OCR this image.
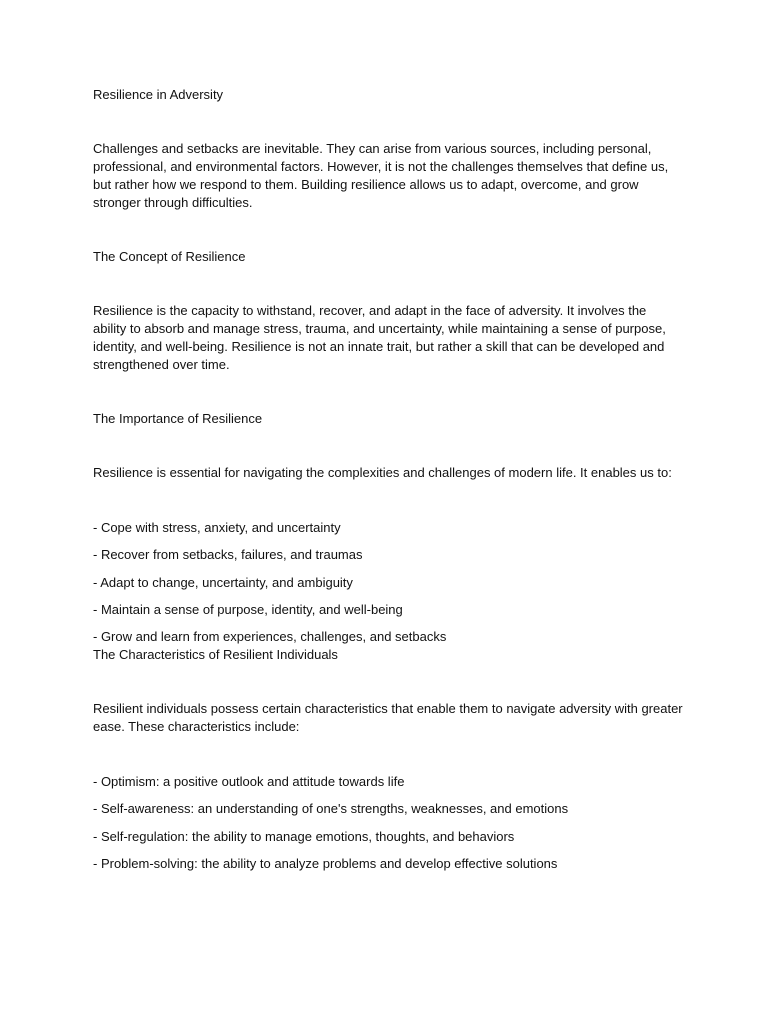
Resilience in Adversity

Challenges and setbacks are inevitable. They can arise from various sources, including personal, professional, and environmental factors. However, it is not the challenges themselves that define us, but rather how we respond to them. Building resilience allows us to adapt, overcome, and grow stronger through difficulties.

The Concept of Resilience

Resilience is the capacity to withstand, recover, and adapt in the face of adversity. It involves the ability to absorb and manage stress, trauma, and uncertainty, while maintaining a sense of purpose, identity, and well-being. Resilience is not an innate trait, but rather a skill that can be developed and strengthened over time.

The Importance of Resilience

Resilience is essential for navigating the complexities and challenges of modern life. It enables us to:

- Cope with stress, anxiety, and uncertainty
- Recover from setbacks, failures, and traumas
- Adapt to change, uncertainty, and ambiguity
- Maintain a sense of purpose, identity, and well-being
- Grow and learn from experiences, challenges, and setbacks

The Characteristics of Resilient Individuals

Resilient individuals possess certain characteristics that enable them to navigate adversity with greater ease. These characteristics include:

- Optimism: a positive outlook and attitude towards life
- Self-awareness: an understanding of one's strengths, weaknesses, and emotions
- Self-regulation: the ability to manage emotions, thoughts, and behaviors
- Problem-solving: the ability to analyze problems and develop effective solutions
